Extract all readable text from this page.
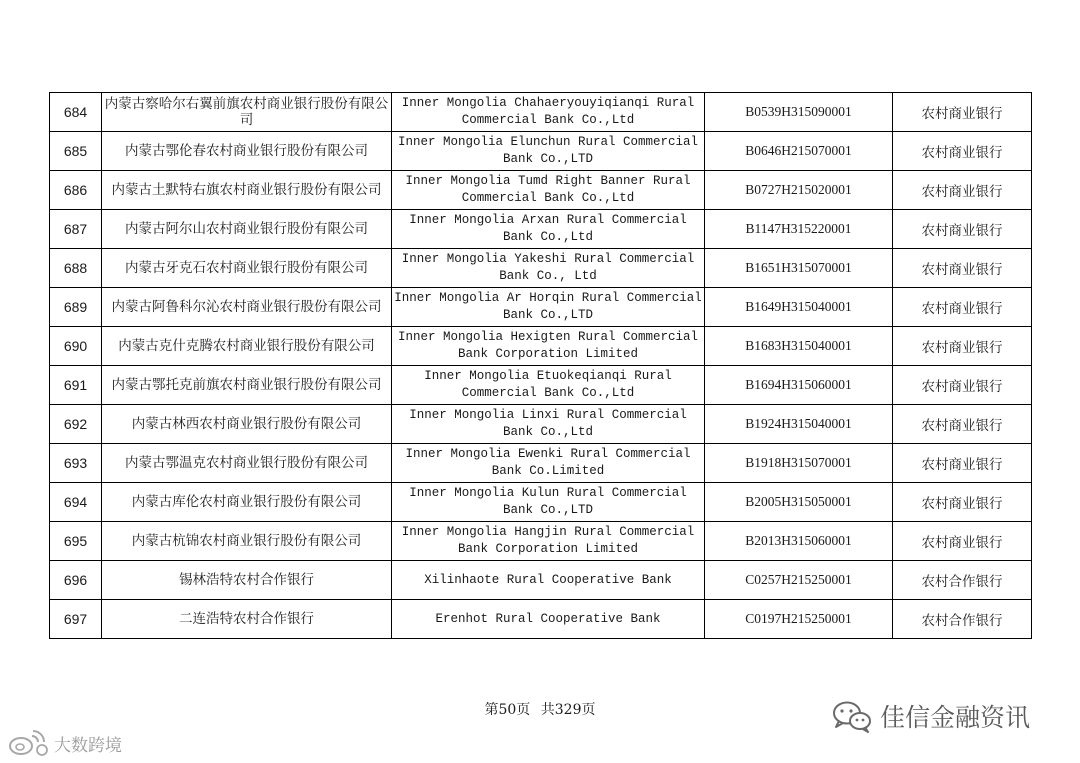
684	内蒙古察哈尔右翼前旗农村商业银行股份有限公司	Inner Mongolia Chahaeryouyiqianqi Rural Commercial Bank Co.,Ltd	B0539H315090001	农村商业银行
685	内蒙古鄂伦春农村商业银行股份有限公司	Inner Mongolia Elunchun Rural Commercial Bank Co.,LTD	B0646H215070001	农村商业银行
686	内蒙古土默特右旗农村商业银行股份有限公司	Inner Mongolia Tumd Right Banner Rural Commercial Bank Co.,Ltd	B0727H215020001	农村商业银行
687	内蒙古阿尔山农村商业银行股份有限公司	Inner Mongolia Arxan Rural Commercial Bank Co.,Ltd	B1147H315220001	农村商业银行
688	内蒙古牙克石农村商业银行股份有限公司	Inner Mongolia Yakeshi Rural Commercial Bank Co., Ltd	B1651H315070001	农村商业银行
689	内蒙古阿鲁科尔沁农村商业银行股份有限公司	Inner Mongolia Ar Horqin Rural Commercial Bank Co.,LTD	B1649H315040001	农村商业银行
690	内蒙古克什克腾农村商业银行股份有限公司	Inner Mongolia Hexigten Rural Commercial Bank Corporation Limited	B1683H315040001	农村商业银行
691	内蒙古鄂托克前旗农村商业银行股份有限公司	Inner Mongolia Etuokeqianqi Rural Commercial Bank Co.,Ltd	B1694H315060001	农村商业银行
692	内蒙古林西农村商业银行股份有限公司	Inner Mongolia Linxi Rural Commercial Bank Co.,Ltd	B1924H315040001	农村商业银行
693	内蒙古鄂温克农村商业银行股份有限公司	Inner Mongolia Ewenki Rural Commercial Bank Co.Limited	B1918H315070001	农村商业银行
694	内蒙古库伦农村商业银行股份有限公司	Inner Mongolia Kulun Rural Commercial Bank Co.,LTD	B2005H315050001	农村商业银行
695	内蒙古杭锦农村商业银行股份有限公司	Inner Mongolia Hangjin Rural Commercial Bank Corporation Limited	B2013H315060001	农村商业银行
696	锡林浩特农村合作银行	Xilinhaote Rural Cooperative Bank	C0257H215250001	农村合作银行
697	二连浩特农村合作银行	Erenhot Rural Cooperative Bank	C0197H215250001	农村合作银行
第50页 共329页
大数跨境
佳信金融资讯
